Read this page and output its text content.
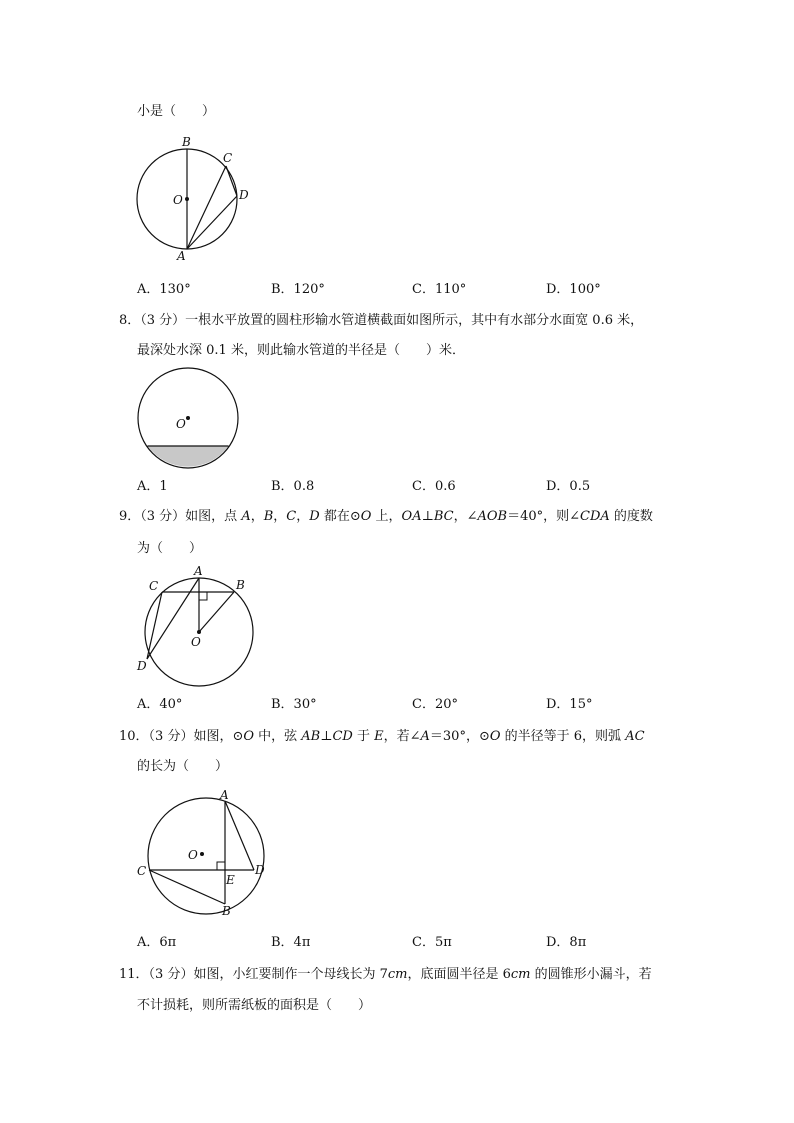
小是（　　）
B
C
O	D
A
A．130°	B．120°	C．110°	D．100°
8．（3 分）一根水平放置的圆柱形输水管道横截面如图所示，其中有水部分水面宽 0.6 米，
最深处水深 0.1 米，则此输水管道的半径是（　　）米．
O
A．1	B．0.8	C．0.6	D．0.5
9．（3 分）如图，点 A，B，C，D 都在⊙O 上，OA⊥BC，∠AOB＝40°，则∠CDA 的度数
为（　　）
A
C	B
O
D
A．40°	B．30°	C．20°	D．15°
10．（3 分）如图，⊙O 中，弦 AB⊥CD 于 E，若∠A＝30°，⊙O 的半径等于 6，则弧 AC
的长为（　　）
A
O
C	D
E
B
A．6π	B．4π	C．5π	D．8π
11．（3 分）如图，小红要制作一个母线长为 7cm，底面圆半径是 6cm 的圆锥形小漏斗，若
不计损耗，则所需纸板的面积是（　　）
